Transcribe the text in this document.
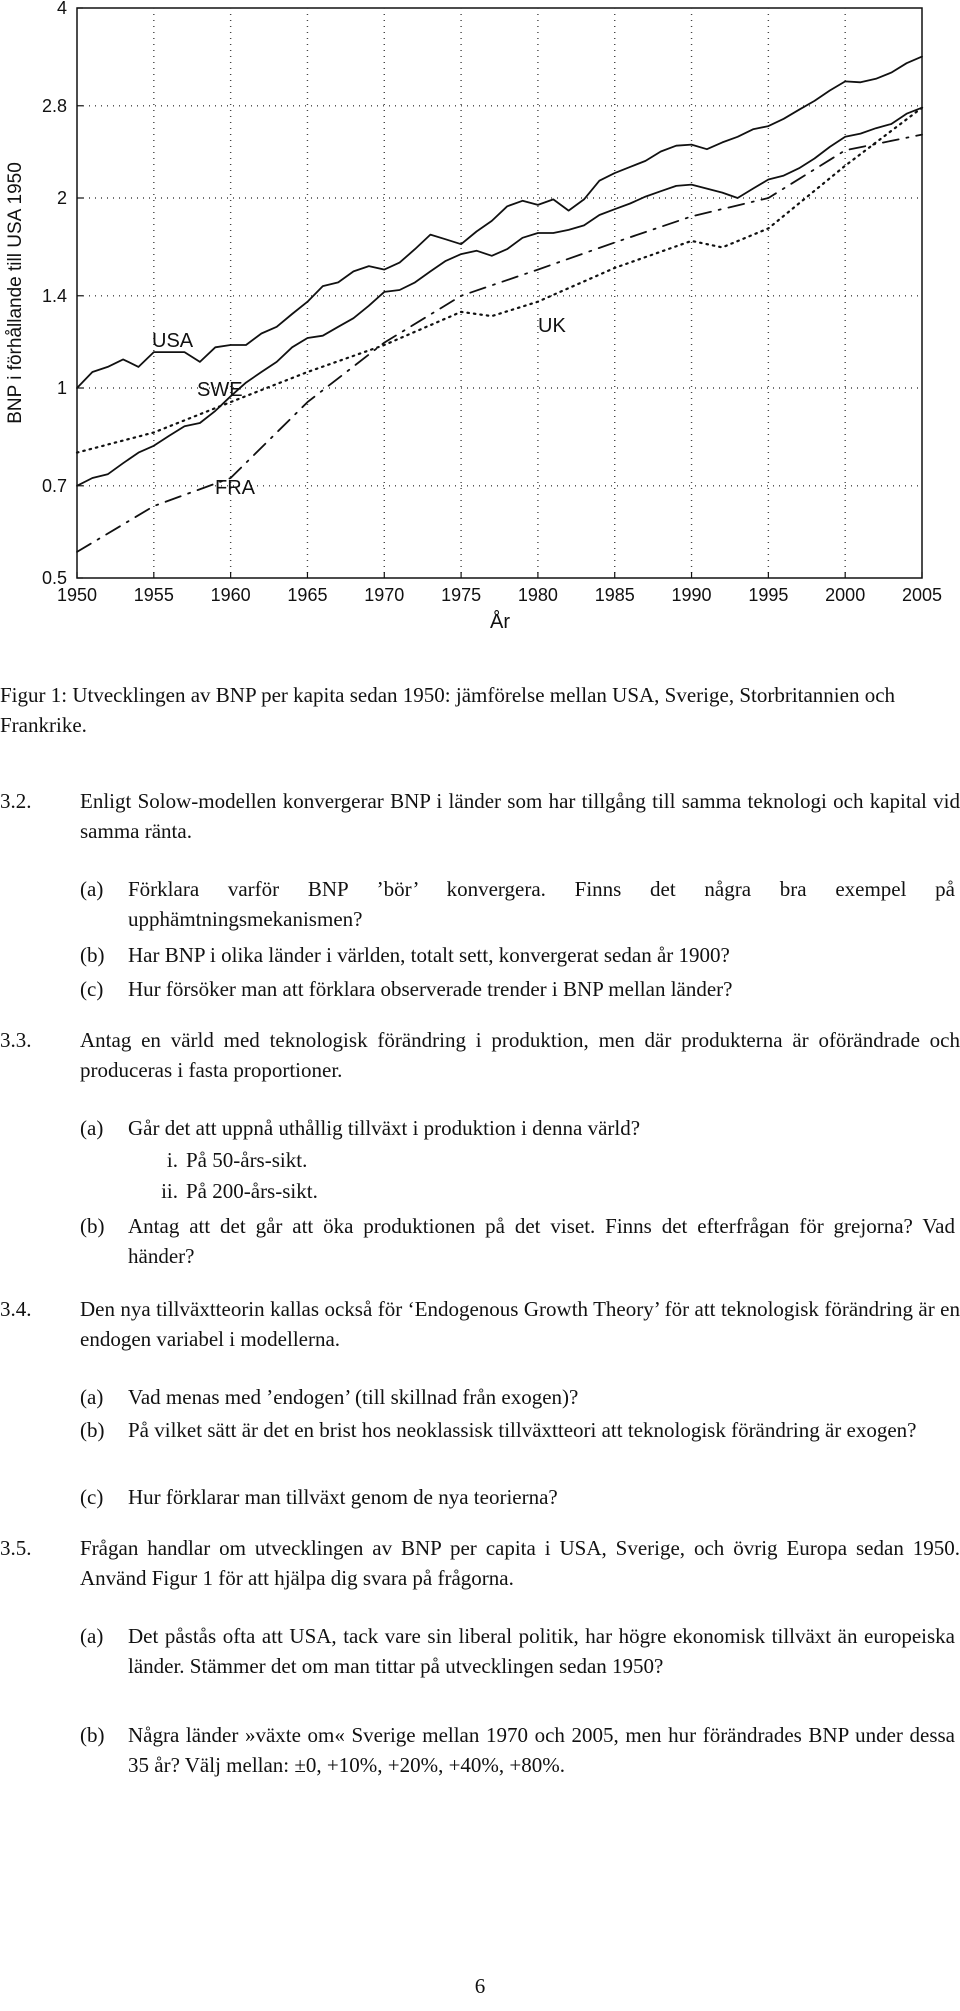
1950 1955 1960 1965 1970 1975 1980 1985 1990 1995 2000 2005
0.5
0.7
1
1.4
2
2.8
4
BNP i förhållande till USA 1950
År
USA
SWE
UK
FRA
Figur 1: Utvecklingen av BNP per kapita sedan 1950: jämförelse mellan USA, Sverige, Storbritannien och Frankrike.
3.2.	Enligt Solow-modellen konvergerar BNP i länder som har tillgång till samma teknologi och kapital vid samma ränta.
(a)	Förklara varför BNP ’bör’ konvergera. Finns det några bra exempel på upphämtningsmekanismen?
(b)	Har BNP i olika länder i världen, totalt sett, konvergerat sedan år 1900?
(c)	Hur försöker man att förklara observerade trender i BNP mellan länder?
3.3.	Antag en värld med teknologisk förändring i produktion, men där produkterna är oförändrade och produceras i fasta proportioner.
(a)	Går det att uppnå uthållig tillväxt i produktion i denna värld?
i. På 50-års-sikt.
ii. På 200-års-sikt.
(b)	Antag att det går att öka produktionen på det viset. Finns det efterfrågan för grejorna? Vad händer?
3.4.	Den nya tillväxtteorin kallas också för ‘Endogenous Growth Theory’ för att teknologisk förändring är en endogen variabel i modellerna.
(a)	Vad menas med ’endogen’ (till skillnad från exogen)?
(b)	På vilket sätt är det en brist hos neoklassisk tillväxtteori att teknologisk förändring är exogen?
(c)	Hur förklarar man tillväxt genom de nya teorierna?
3.5.	Frågan handlar om utvecklingen av BNP per capita i USA, Sverige, och övrig Europa sedan 1950. Använd Figur 1 för att hjälpa dig svara på frågorna.
(a)	Det påstås ofta att USA, tack vare sin liberal politik, har högre ekonomisk tillväxt än europeiska länder. Stämmer det om man tittar på utvecklingen sedan 1950?
(b)	Några länder »växte om« Sverige mellan 1970 och 2005, men hur förändrades BNP under dessa 35 år? Välj mellan: ±0, +10%, +20%, +40%, +80%.
6
